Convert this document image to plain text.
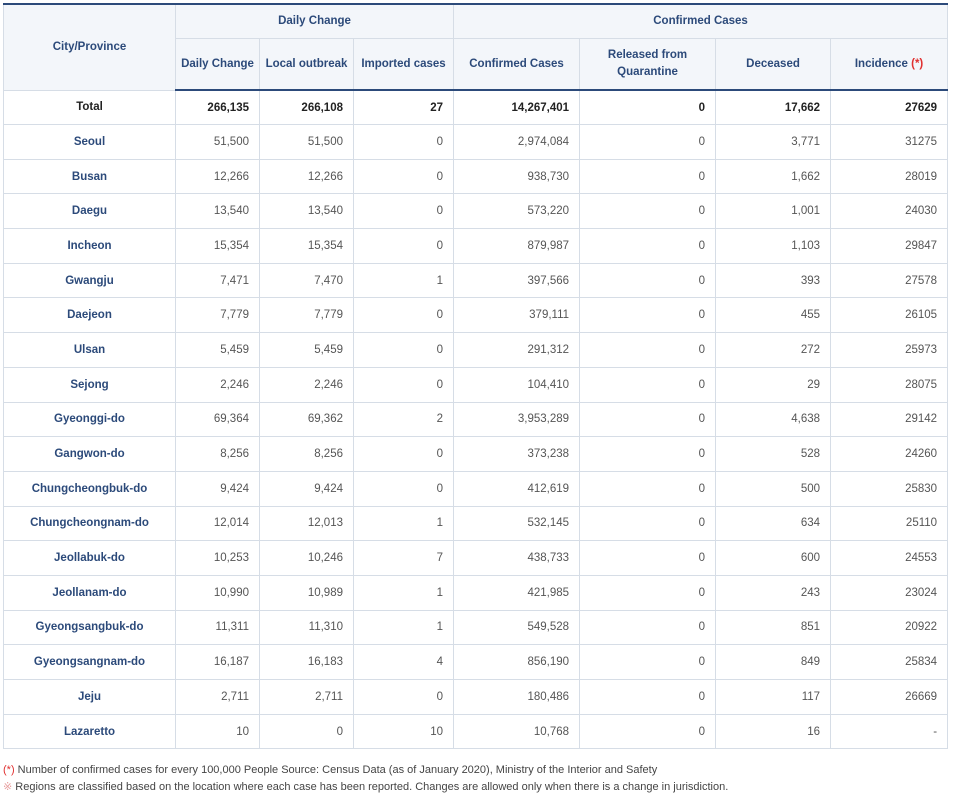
City/Province	Daily Change			Confirmed Cases			
	Daily Change	Local outbreak	Imported cases	Confirmed Cases	Released from Quarantine	Deceased	Incidence (*)
Total	266,135	266,108	27	14,267,401	0	17,662	27629
Seoul	51,500	51,500	0	2,974,084	0	3,771	31275
Busan	12,266	12,266	0	938,730	0	1,662	28019
Daegu	13,540	13,540	0	573,220	0	1,001	24030
Incheon	15,354	15,354	0	879,987	0	1,103	29847
Gwangju	7,471	7,470	1	397,566	0	393	27578
Daejeon	7,779	7,779	0	379,111	0	455	26105
Ulsan	5,459	5,459	0	291,312	0	272	25973
Sejong	2,246	2,246	0	104,410	0	29	28075
Gyeonggi-do	69,364	69,362	2	3,953,289	0	4,638	29142
Gangwon-do	8,256	8,256	0	373,238	0	528	24260
Chungcheongbuk-do	9,424	9,424	0	412,619	0	500	25830
Chungcheongnam-do	12,014	12,013	1	532,145	0	634	25110
Jeollabuk-do	10,253	10,246	7	438,733	0	600	24553
Jeollanam-do	10,990	10,989	1	421,985	0	243	23024
Gyeongsangbuk-do	11,311	11,310	1	549,528	0	851	20922
Gyeongsangnam-do	16,187	16,183	4	856,190	0	849	25834
Jeju	2,711	2,711	0	180,486	0	117	26669
Lazaretto	10	0	10	10,768	0	16	-
(*) Number of confirmed cases for every 100,000 People Source: Census Data (as of January 2020), Ministry of the Interior and Safety
※ Regions are classified based on the location where each case has been reported. Changes are allowed only when there is a change in jurisdiction.
